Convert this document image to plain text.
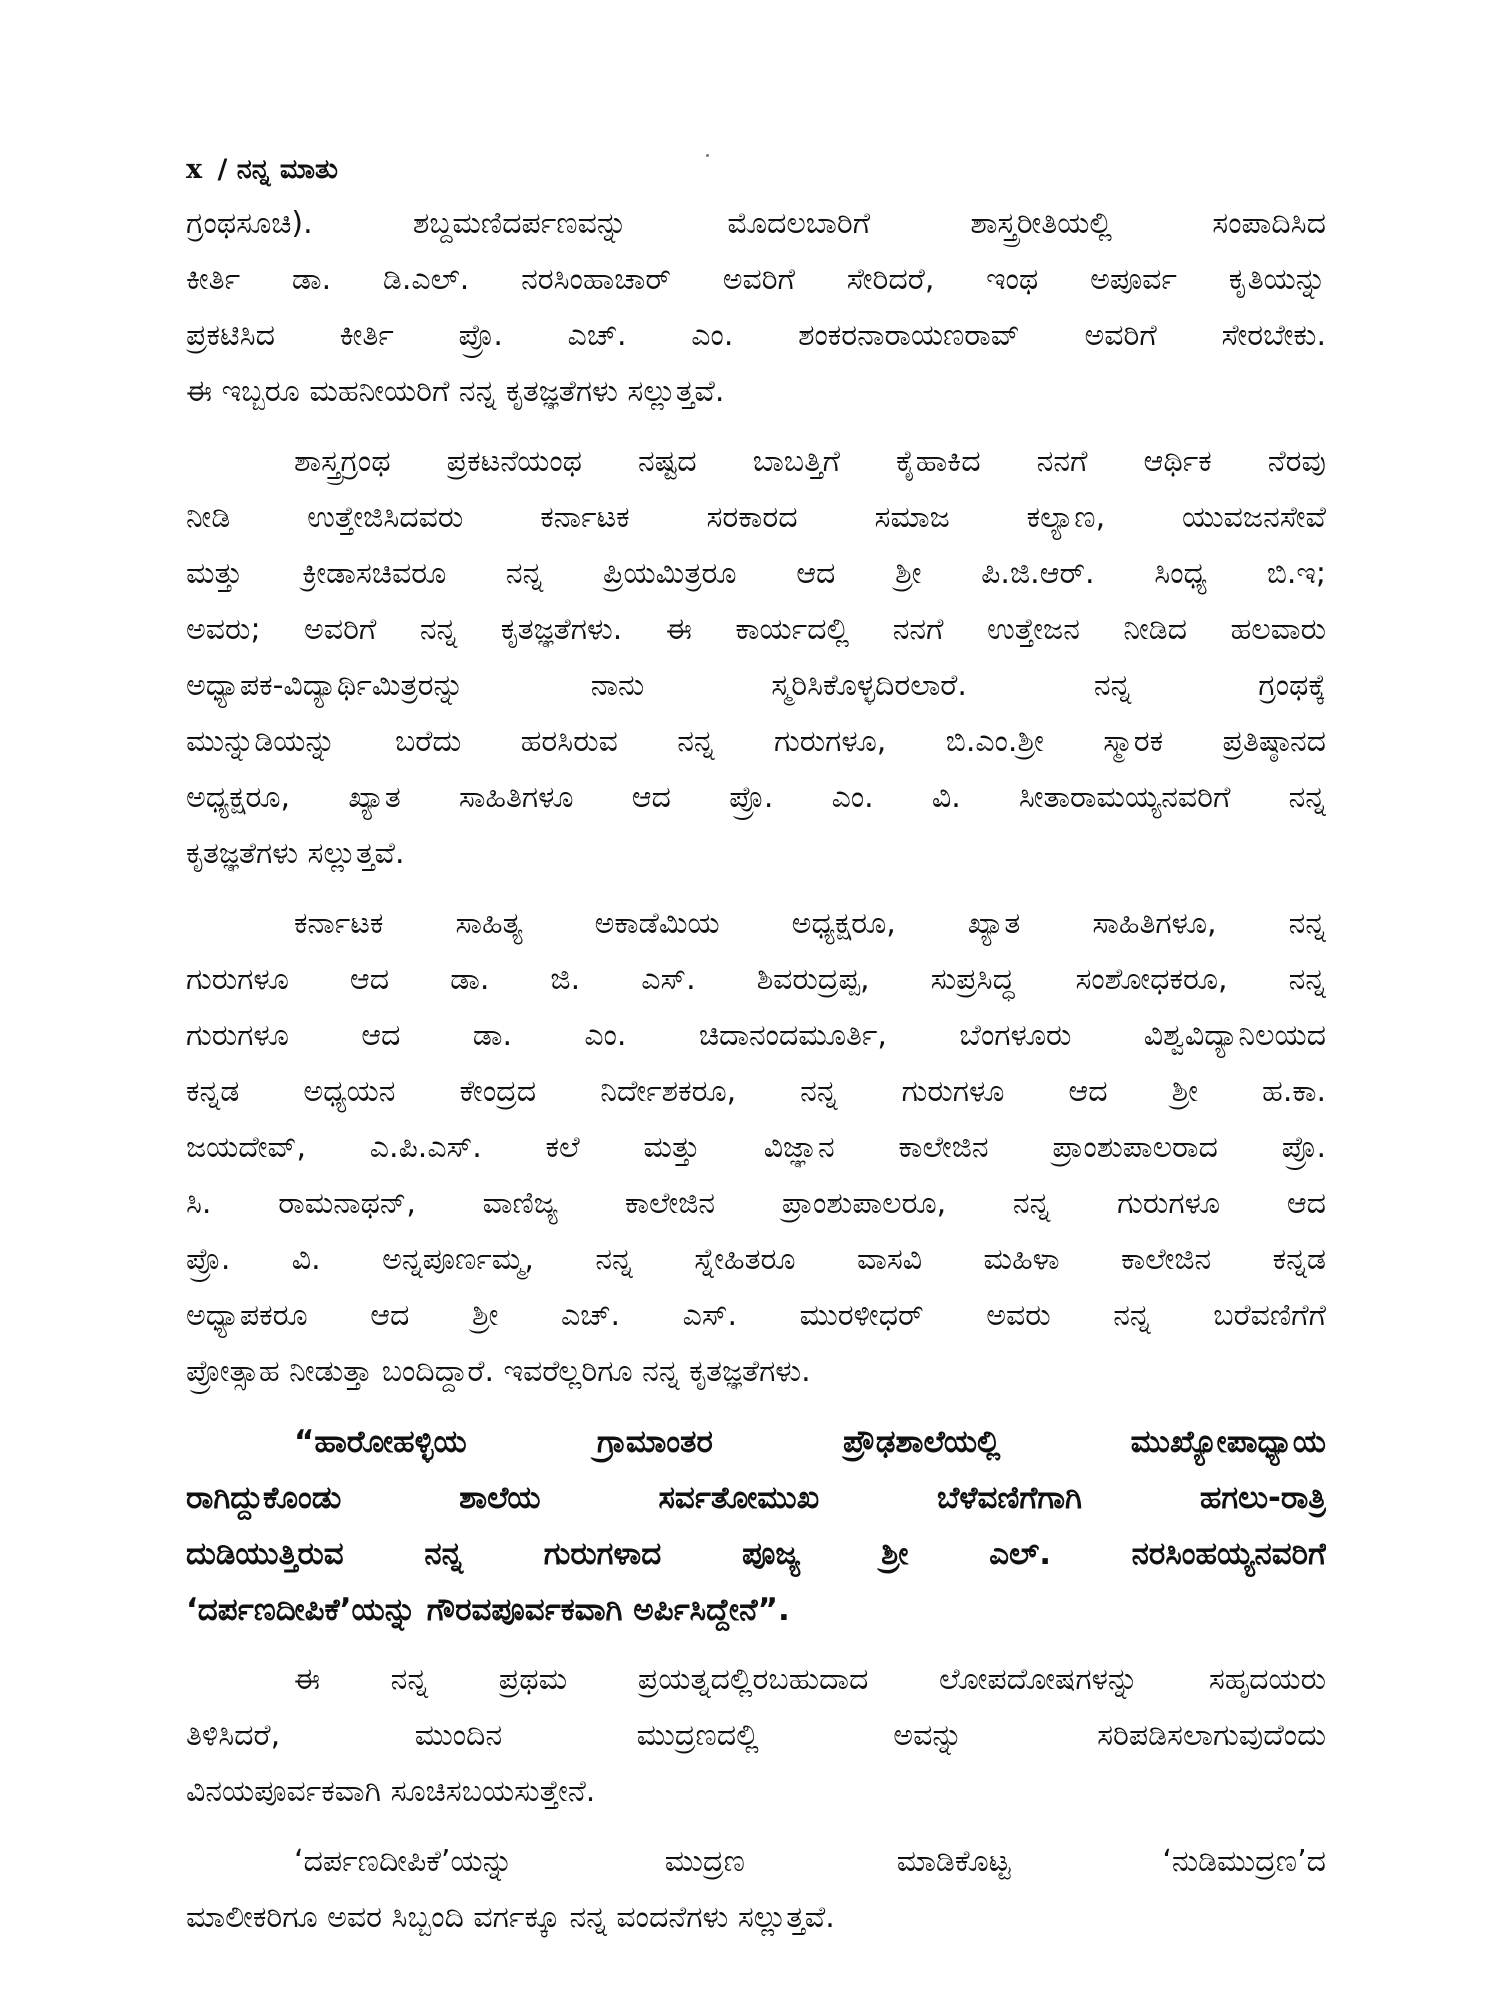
x / ನನ್ನ ಮಾತು
ಗ್ರಂಥಸೂಚಿ). ಶಬ್ದಮಣಿದರ್ಪಣವನ್ನು ಮೊದಲಬಾರಿಗೆ ಶಾಸ್ತ್ರರೀತಿಯಲ್ಲಿ ಸಂಪಾದಿಸಿದ
ಕೀರ್ತಿ ಡಾ. ಡಿ.ಎಲ್. ನರಸಿಂಹಾಚಾರ್ ಅವರಿಗೆ ಸೇರಿದರೆ, ಇಂಥ ಅಪೂರ್ವ ಕೃತಿಯನ್ನು
ಪ್ರಕಟಿಸಿದ ಕೀರ್ತಿ ಪ್ರೊ. ಎಚ್. ಎಂ. ಶಂಕರನಾರಾಯಣರಾವ್ ಅವರಿಗೆ ಸೇರಬೇಕು.
ಈ ಇಬ್ಬರೂ ಮಹನೀಯರಿಗೆ ನನ್ನ ಕೃತಜ್ಞತೆಗಳು ಸಲ್ಲುತ್ತವೆ.
ಶಾಸ್ತ್ರಗ್ರಂಥ ಪ್ರಕಟನೆಯಂಥ ನಷ್ಟದ ಬಾಬತ್ತಿಗೆ ಕೈಹಾಕಿದ ನನಗೆ ಆರ್ಥಿಕ ನೆರವು
ನೀಡಿ ಉತ್ತೇಜಿಸಿದವರು ಕರ್ನಾಟಕ ಸರಕಾರದ ಸಮಾಜ ಕಲ್ಯಾಣ, ಯುವಜನಸೇವೆ
ಮತ್ತು ಕ್ರೀಡಾಸಚಿವರೂ ನನ್ನ ಪ್ರಿಯಮಿತ್ರರೂ ಆದ ಶ್ರೀ ಪಿ.ಜಿ.ಆರ್. ಸಿಂಧ್ಯ ಬಿ.ಇ;
ಅವರು; ಅವರಿಗೆ ನನ್ನ ಕೃತಜ್ಞತೆಗಳು. ಈ ಕಾರ್ಯದಲ್ಲಿ ನನಗೆ ಉತ್ತೇಜನ ನೀಡಿದ ಹಲವಾರು
ಅಧ್ಯಾಪಕ-ವಿದ್ಯಾರ್ಥಿಮಿತ್ರರನ್ನು ನಾನು ಸ್ಮರಿಸಿಕೊಳ್ಳದಿರಲಾರೆ. ನನ್ನ ಗ್ರಂಥಕ್ಕೆ
ಮುನ್ನುಡಿಯನ್ನು ಬರೆದು ಹರಸಿರುವ ನನ್ನ ಗುರುಗಳೂ, ಬಿ.ಎಂ.ಶ್ರೀ ಸ್ಮಾರಕ ಪ್ರತಿಷ್ಠಾನದ
ಅಧ್ಯಕ್ಷರೂ, ಖ್ಯಾತ ಸಾಹಿತಿಗಳೂ ಆದ ಪ್ರೊ. ಎಂ. ವಿ. ಸೀತಾರಾಮಯ್ಯನವರಿಗೆ ನನ್ನ
ಕೃತಜ್ಞತೆಗಳು ಸಲ್ಲುತ್ತವೆ.
ಕರ್ನಾಟಕ ಸಾಹಿತ್ಯ ಅಕಾಡೆಮಿಯ ಅಧ್ಯಕ್ಷರೂ, ಖ್ಯಾತ ಸಾಹಿತಿಗಳೂ, ನನ್ನ
ಗುರುಗಳೂ ಆದ ಡಾ. ಜಿ. ಎಸ್. ಶಿವರುದ್ರಪ್ಪ, ಸುಪ್ರಸಿದ್ಧ ಸಂಶೋಧಕರೂ, ನನ್ನ
ಗುರುಗಳೂ ಆದ ಡಾ. ಎಂ. ಚಿದಾನಂದಮೂರ್ತಿ, ಬೆಂಗಳೂರು ವಿಶ್ವವಿದ್ಯಾನಿಲಯದ
ಕನ್ನಡ ಅಧ್ಯಯನ ಕೇಂದ್ರದ ನಿರ್ದೇಶಕರೂ, ನನ್ನ ಗುರುಗಳೂ ಆದ ಶ್ರೀ ಹ.ಕಾ.
ಜಯದೇವ್, ಎ.ಪಿ.ಎಸ್. ಕಲೆ ಮತ್ತು ವಿಜ್ಞಾನ ಕಾಲೇಜಿನ ಪ್ರಾಂಶುಪಾಲರಾದ ಪ್ರೊ.
ಸಿ. ರಾಮನಾಥನ್, ವಾಣಿಜ್ಯ ಕಾಲೇಜಿನ ಪ್ರಾಂಶುಪಾಲರೂ, ನನ್ನ ಗುರುಗಳೂ ಆದ
ಪ್ರೊ. ವಿ. ಅನ್ನಪೂರ್ಣಮ್ಮ, ನನ್ನ ಸ್ನೇಹಿತರೂ ವಾಸವಿ ಮಹಿಳಾ ಕಾಲೇಜಿನ ಕನ್ನಡ
ಅಧ್ಯಾಪಕರೂ ಆದ ಶ್ರೀ ಎಚ್. ಎಸ್. ಮುರಳೀಧರ್ ಅವರು ನನ್ನ ಬರೆವಣಿಗೆಗೆ
ಪ್ರೋತ್ಸಾಹ ನೀಡುತ್ತಾ ಬಂದಿದ್ದಾರೆ. ಇವರೆಲ್ಲರಿಗೂ ನನ್ನ ಕೃತಜ್ಞತೆಗಳು.
“ಹಾರೋಹಳ್ಳಿಯ ಗ್ರಾಮಾಂತರ ಪ್ರೌಢಶಾಲೆಯಲ್ಲಿ ಮುಖ್ಯೋಪಾಧ್ಯಾಯ
ರಾಗಿದ್ದುಕೊಂಡು ಶಾಲೆಯ ಸರ್ವತೋಮುಖ ಬೆಳೆವಣಿಗೆಗಾಗಿ ಹಗಲು-ರಾತ್ರಿ
ದುಡಿಯುತ್ತಿರುವ ನನ್ನ ಗುರುಗಳಾದ ಪೂಜ್ಯ ಶ್ರೀ ಎಲ್. ನರಸಿಂಹಯ್ಯನವರಿಗೆ
‘ದರ್ಪಣದೀಪಿಕೆ’ಯನ್ನು ಗೌರವಪೂರ್ವಕವಾಗಿ ಅರ್ಪಿಸಿದ್ದೇನೆ”.
ಈ ನನ್ನ ಪ್ರಥಮ ಪ್ರಯತ್ನದಲ್ಲಿರಬಹುದಾದ ಲೋಪದೋಷಗಳನ್ನು ಸಹೃದಯರು
ತಿಳಿಸಿದರೆ, ಮುಂದಿನ ಮುದ್ರಣದಲ್ಲಿ ಅವನ್ನು ಸರಿಪಡಿಸಲಾಗುವುದೆಂದು
ವಿನಯಪೂರ್ವಕವಾಗಿ ಸೂಚಿಸಬಯಸುತ್ತೇನೆ.
‘ದರ್ಪಣದೀಪಿಕೆ’ಯನ್ನು ಮುದ್ರಣ ಮಾಡಿಕೊಟ್ಟ ‘ನುಡಿಮುದ್ರಣ’ದ
ಮಾಲೀಕರಿಗೂ ಅವರ ಸಿಬ್ಬಂದಿ ವರ್ಗಕ್ಕೂ ನನ್ನ ವಂದನೆಗಳು ಸಲ್ಲುತ್ತವೆ.
